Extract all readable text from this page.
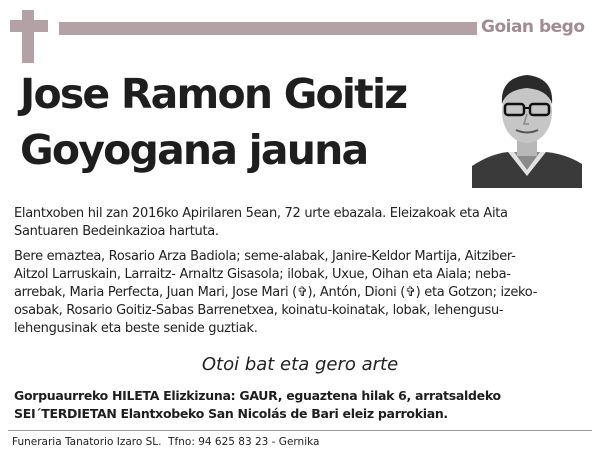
Goian bego
Jose Ramon Goitiz
Goyogana jauna
Elantxoben hil zan 2016ko Apirilaren 5ean, 72 urte ebazala. Eleizakoak eta Aita
Santuaren Bedeinkazioa hartuta.
Bere emaztea, Rosario Arza Badiola; seme-alabak, Janire-Keldor Martija, Aitziber-
Aitzol Larruskain, Larraitz- Arnaltz Gisasola; ilobak, Uxue, Oihan eta Aiala; neba-
arrebak, Maria Perfecta, Juan Mari, Jose Mari (✞), Antón, Dioni (✞) eta Gotzon; izeko-
osabak, Rosario Goitiz-Sabas Barrenetxea, koinatu-koinatak, lobak, lehengusu-
lehengusinak eta beste senide guztiak.
Otoi bat eta gero arte
Gorpuaurreko HILETA Elizkizuna: GAUR, eguaztena hilak 6, arratsaldeko
SEI´TERDIETAN Elantxobeko San Nicolás de Bari eleiz parrokian.
Funeraria Tanatorio Izaro SL.  Tfno: 94 625 83 23 - Gernika
